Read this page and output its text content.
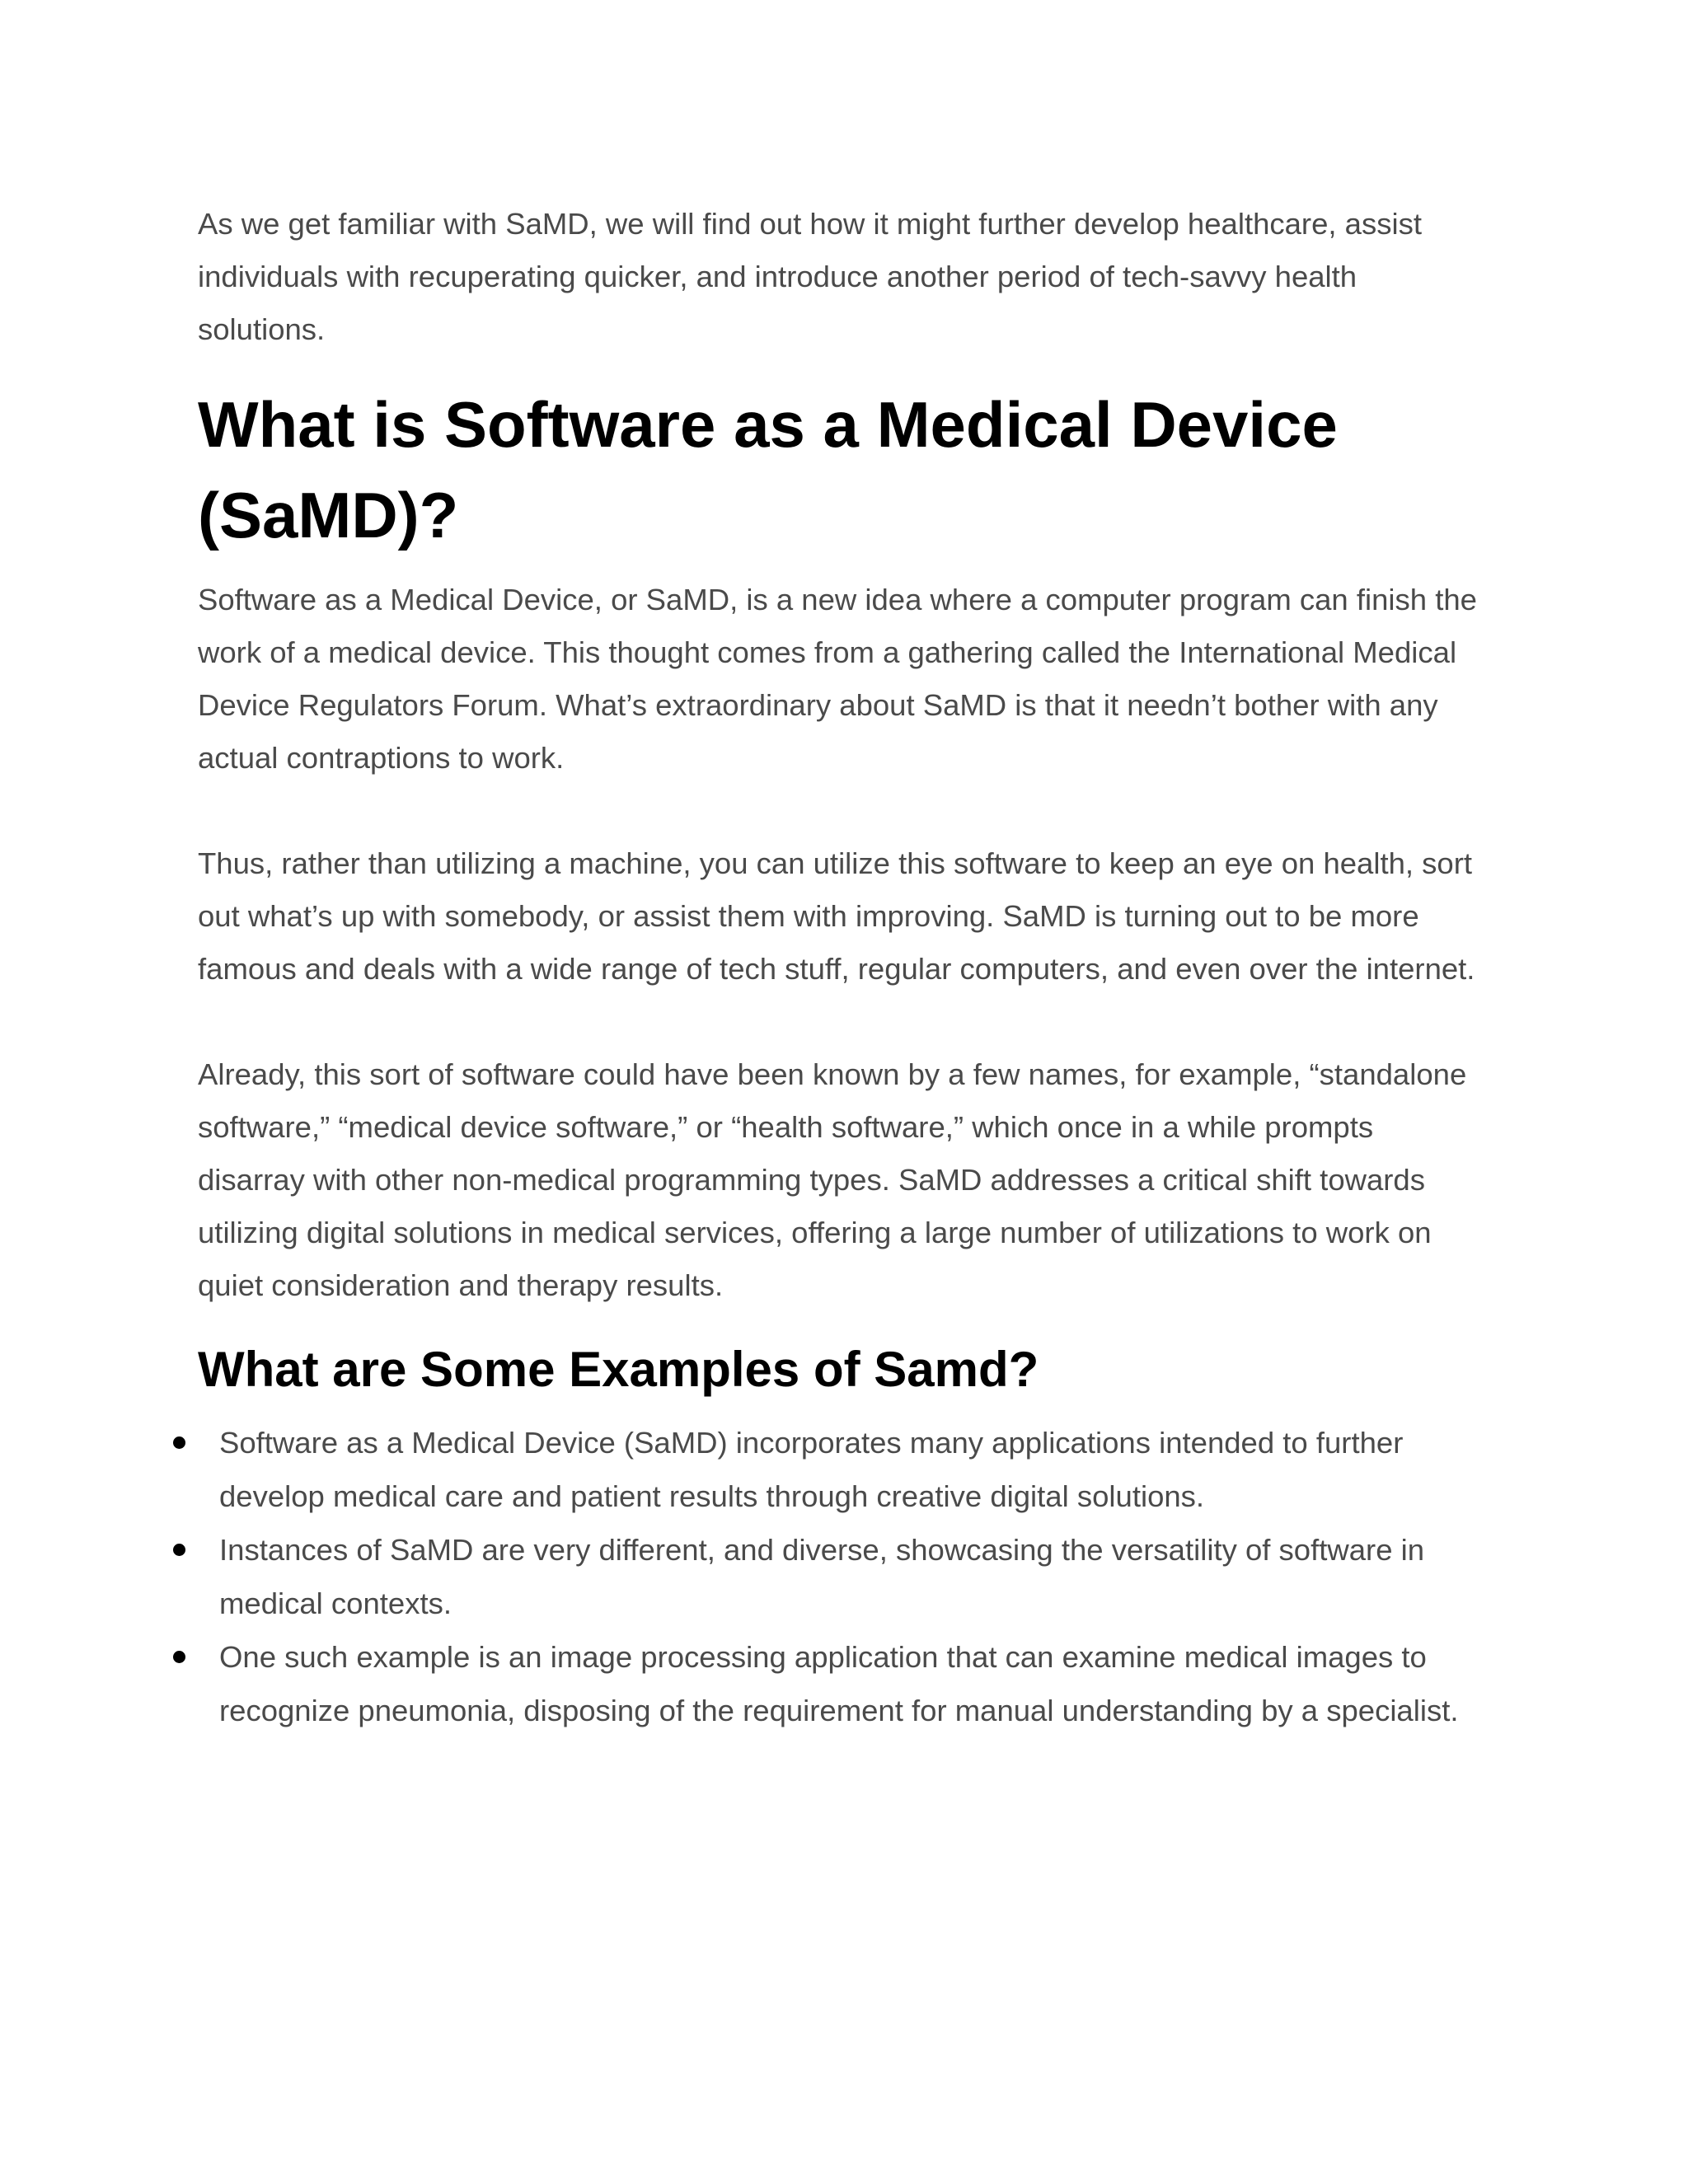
As we get familiar with SaMD, we will find out how it might further develop healthcare, assist individuals with recuperating quicker, and introduce another period of tech-savvy health solutions.

What is Software as a Medical Device (SaMD)?

Software as a Medical Device, or SaMD, is a new idea where a computer program can finish the work of a medical device. This thought comes from a gathering called the International Medical Device Regulators Forum. What’s extraordinary about SaMD is that it needn’t bother with any actual contraptions to work.

Thus, rather than utilizing a machine, you can utilize this software to keep an eye on health, sort out what’s up with somebody, or assist them with improving. SaMD is turning out to be more famous and deals with a wide range of tech stuff, regular computers, and even over the internet.

Already, this sort of software could have been known by a few names, for example, “standalone software,” “medical device software,” or “health software,” which once in a while prompts disarray with other non-medical programming types. SaMD addresses a critical shift towards utilizing digital solutions in medical services, offering a large number of utilizations to work on quiet consideration and therapy results.

What are Some Examples of Samd?
Software as a Medical Device (SaMD) incorporates many applications intended to further develop medical care and patient results through creative digital solutions.
Instances of SaMD are very different, and diverse, showcasing the versatility of software in medical contexts.
One such example is an image processing application that can examine medical images to recognize pneumonia, disposing of the requirement for manual understanding by a specialist.
